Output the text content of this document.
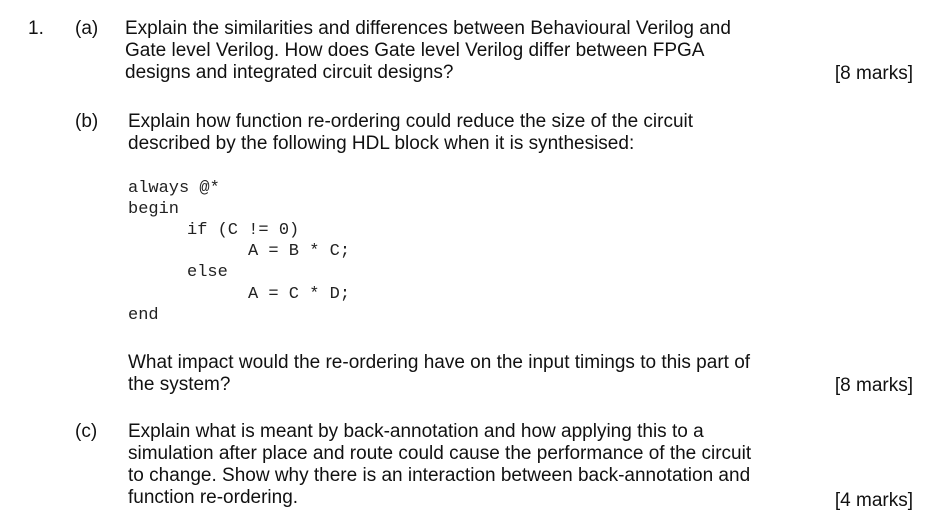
1. (a) Explain the similarities and differences between Behavioural Verilog and
Gate level Verilog. How does Gate level Verilog differ between FPGA
designs and integrated circuit designs?	[8 marks]
(b) Explain how function re-ordering could reduce the size of the circuit
described by the following HDL block when it is synthesised:
always @*
begin
if (C != 0)
A = B * C;
else
A = C * D;
end
What impact would the re-ordering have on the input timings to this part of
the system?	[8 marks]
(c) Explain what is meant by back-annotation and how applying this to a
simulation after place and route could cause the performance of the circuit
to change. Show why there is an interaction between back-annotation and
function re-ordering.	[4 marks]
